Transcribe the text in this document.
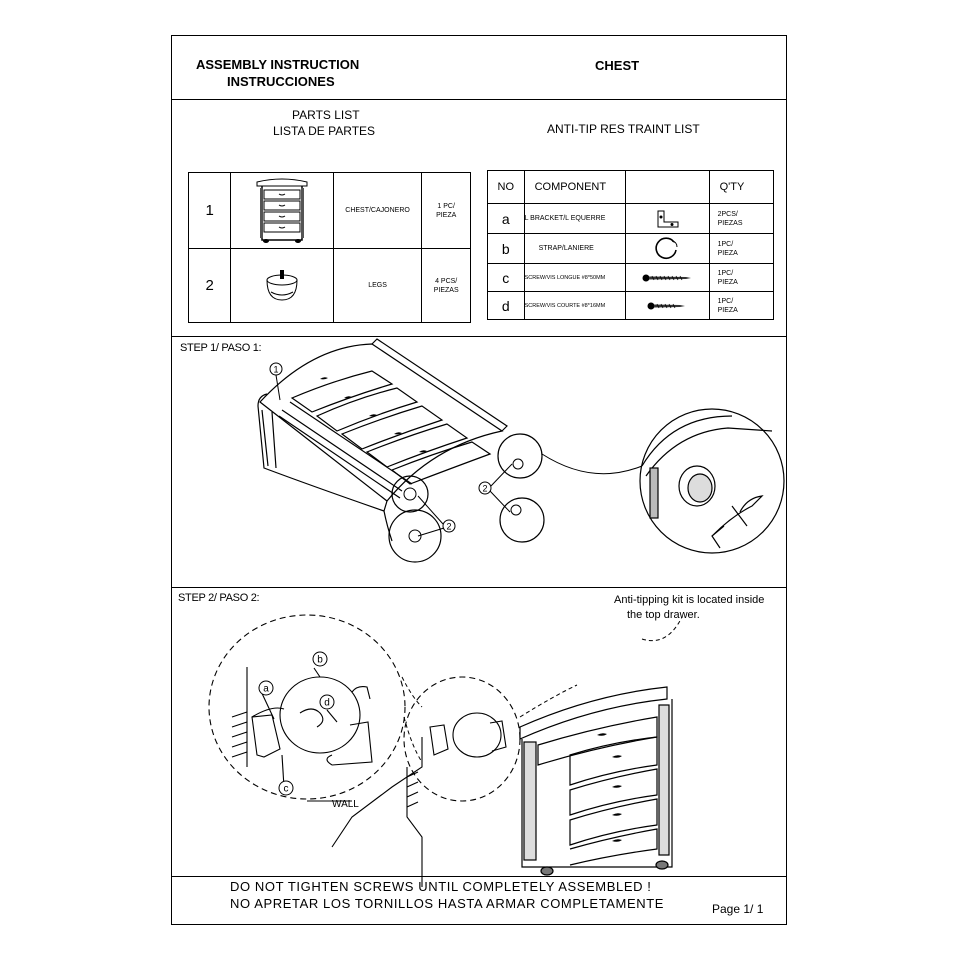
ASSEMBLY INSTRUCTION
INSTRUCCIONES
CHEST
PARTS LIST
LISTA DE PARTES	ANTI-TIP RES TRAINT LIST
1		CHEST/CAJONERO	1 PC/
PIEZA

2		LEGS	4 PCS/
PIEZAS
NO	COMPONENT		Q'TY
a	L BRACKET/L EQUERRE		2PCS/
PIEZAS

b	STRAP/LANIERE		1PC/
PIEZA

c	SCREW/VIS LONGUE #8*50MM		1PC/
PIEZA

d	SCREW/VIS COURTE #8*16MM		1PC/
PIEZA
STEP 1/ PASO 1:
1
2
2
STEP 2/ PASO 2:	Anti-tipping kit is located inside
the top drawer.
a
b
d
c
WALL
DO NOT TIGHTEN SCREWS UNTIL COMPLETELY ASSEMBLED !
NO APRETAR LOS TORNILLOS HASTA ARMAR COMPLETAMENTE	Page 1/ 1
